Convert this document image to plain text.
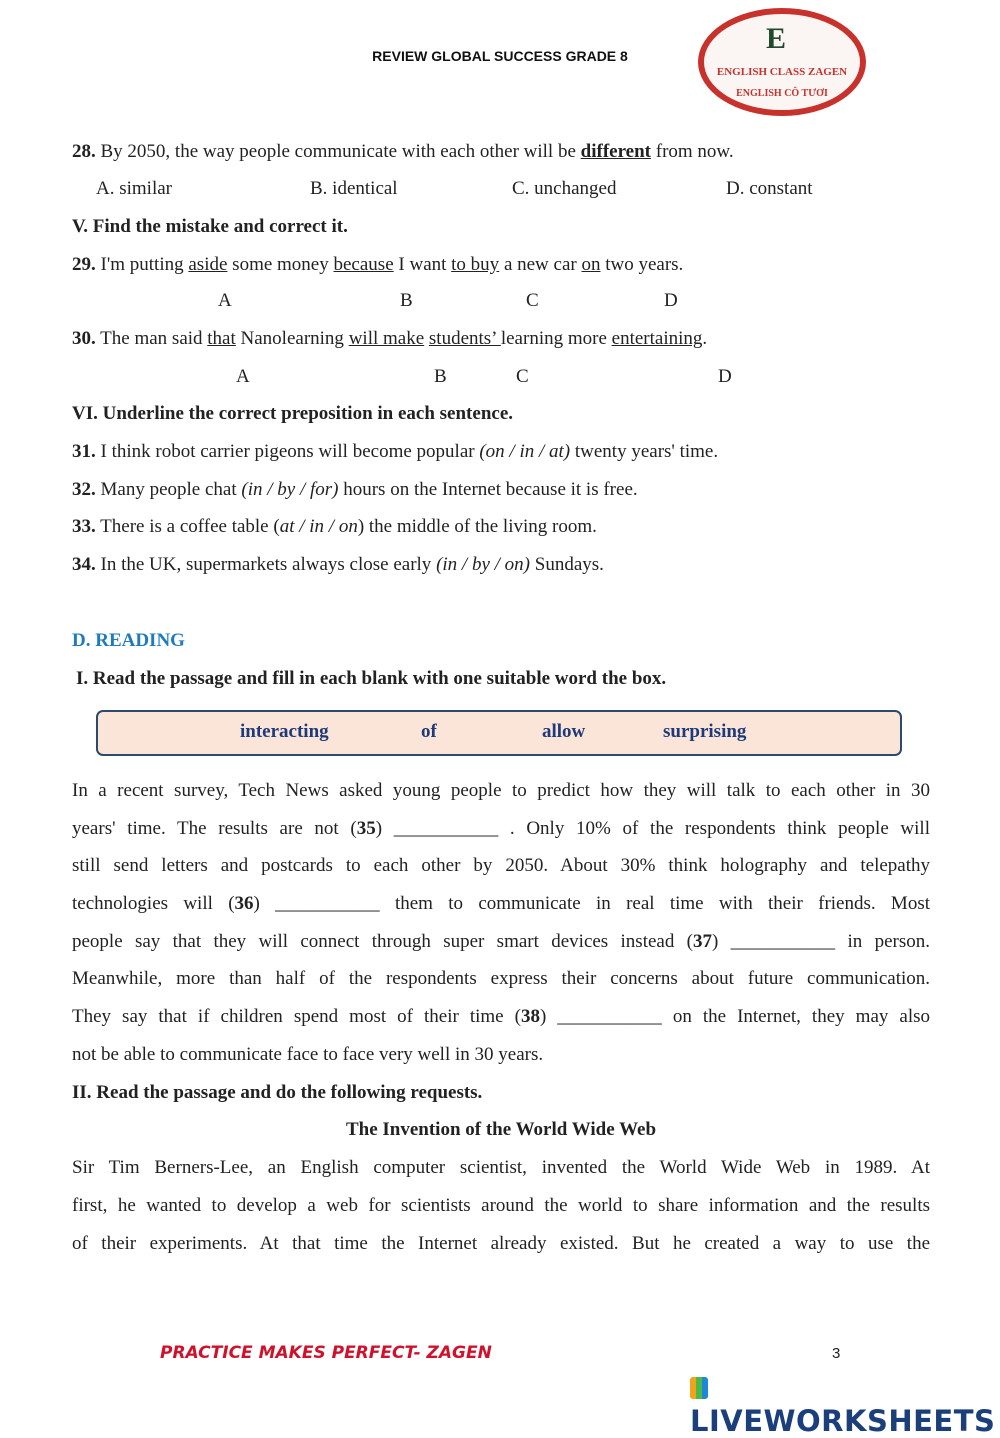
REVIEW GLOBAL SUCCESS GRADE 8
E
ENGLISH CLASS ZAGEN
ENGLISH CÔ TƯƠI
28. By 2050, the way people communicate with each other will be different from now.
A. similar	B. identical	C. unchanged	D. constant
V. Find the mistake and correct it.
29. I'm putting aside some money because I want to buy a new car on two years.
A	B	C	D
30. The man said that Nanolearning will make students’ learning more entertaining.
A	B	C	D
VI. Underline the correct preposition in each sentence.
31. I think robot carrier pigeons will become popular (on / in / at) twenty years' time.
32. Many people chat (in / by / for) hours on the Internet because it is free.
33. There is a coffee table (at / in / on) the middle of the living room.
34. In the UK, supermarkets always close early (in / by / on) Sundays.
D. READING
I. Read the passage and fill in each blank with one suitable word the box.
interacting	of	allow	surprising
In a recent survey, Tech News asked young people to predict how they will talk to each other in 30
years' time. The results are not (35) ___________ . Only 10% of the respondents think people will
still send letters and postcards to each other by 2050. About 30% think holography and telepathy
technologies will (36) ___________ them to communicate in real time with their friends. Most
people say that they will connect through super smart devices instead (37) ___________ in person.
Meanwhile, more than half of the respondents express their concerns about future communication.
They say that if children spend most of their time (38) ___________ on the Internet, they may also
not be able to communicate face to face very well in 30 years.
II. Read the passage and do the following requests.
The Invention of the World Wide Web
Sir Tim Berners-Lee, an English computer scientist, invented the World Wide Web in 1989. At
first, he wanted to develop a web for scientists around the world to share information and the results
of their experiments. At that time the Internet already existed. But he created a way to use the
PRACTICE MAKES PERFECT- ZAGEN	3
LIVEWORKSHEETS
